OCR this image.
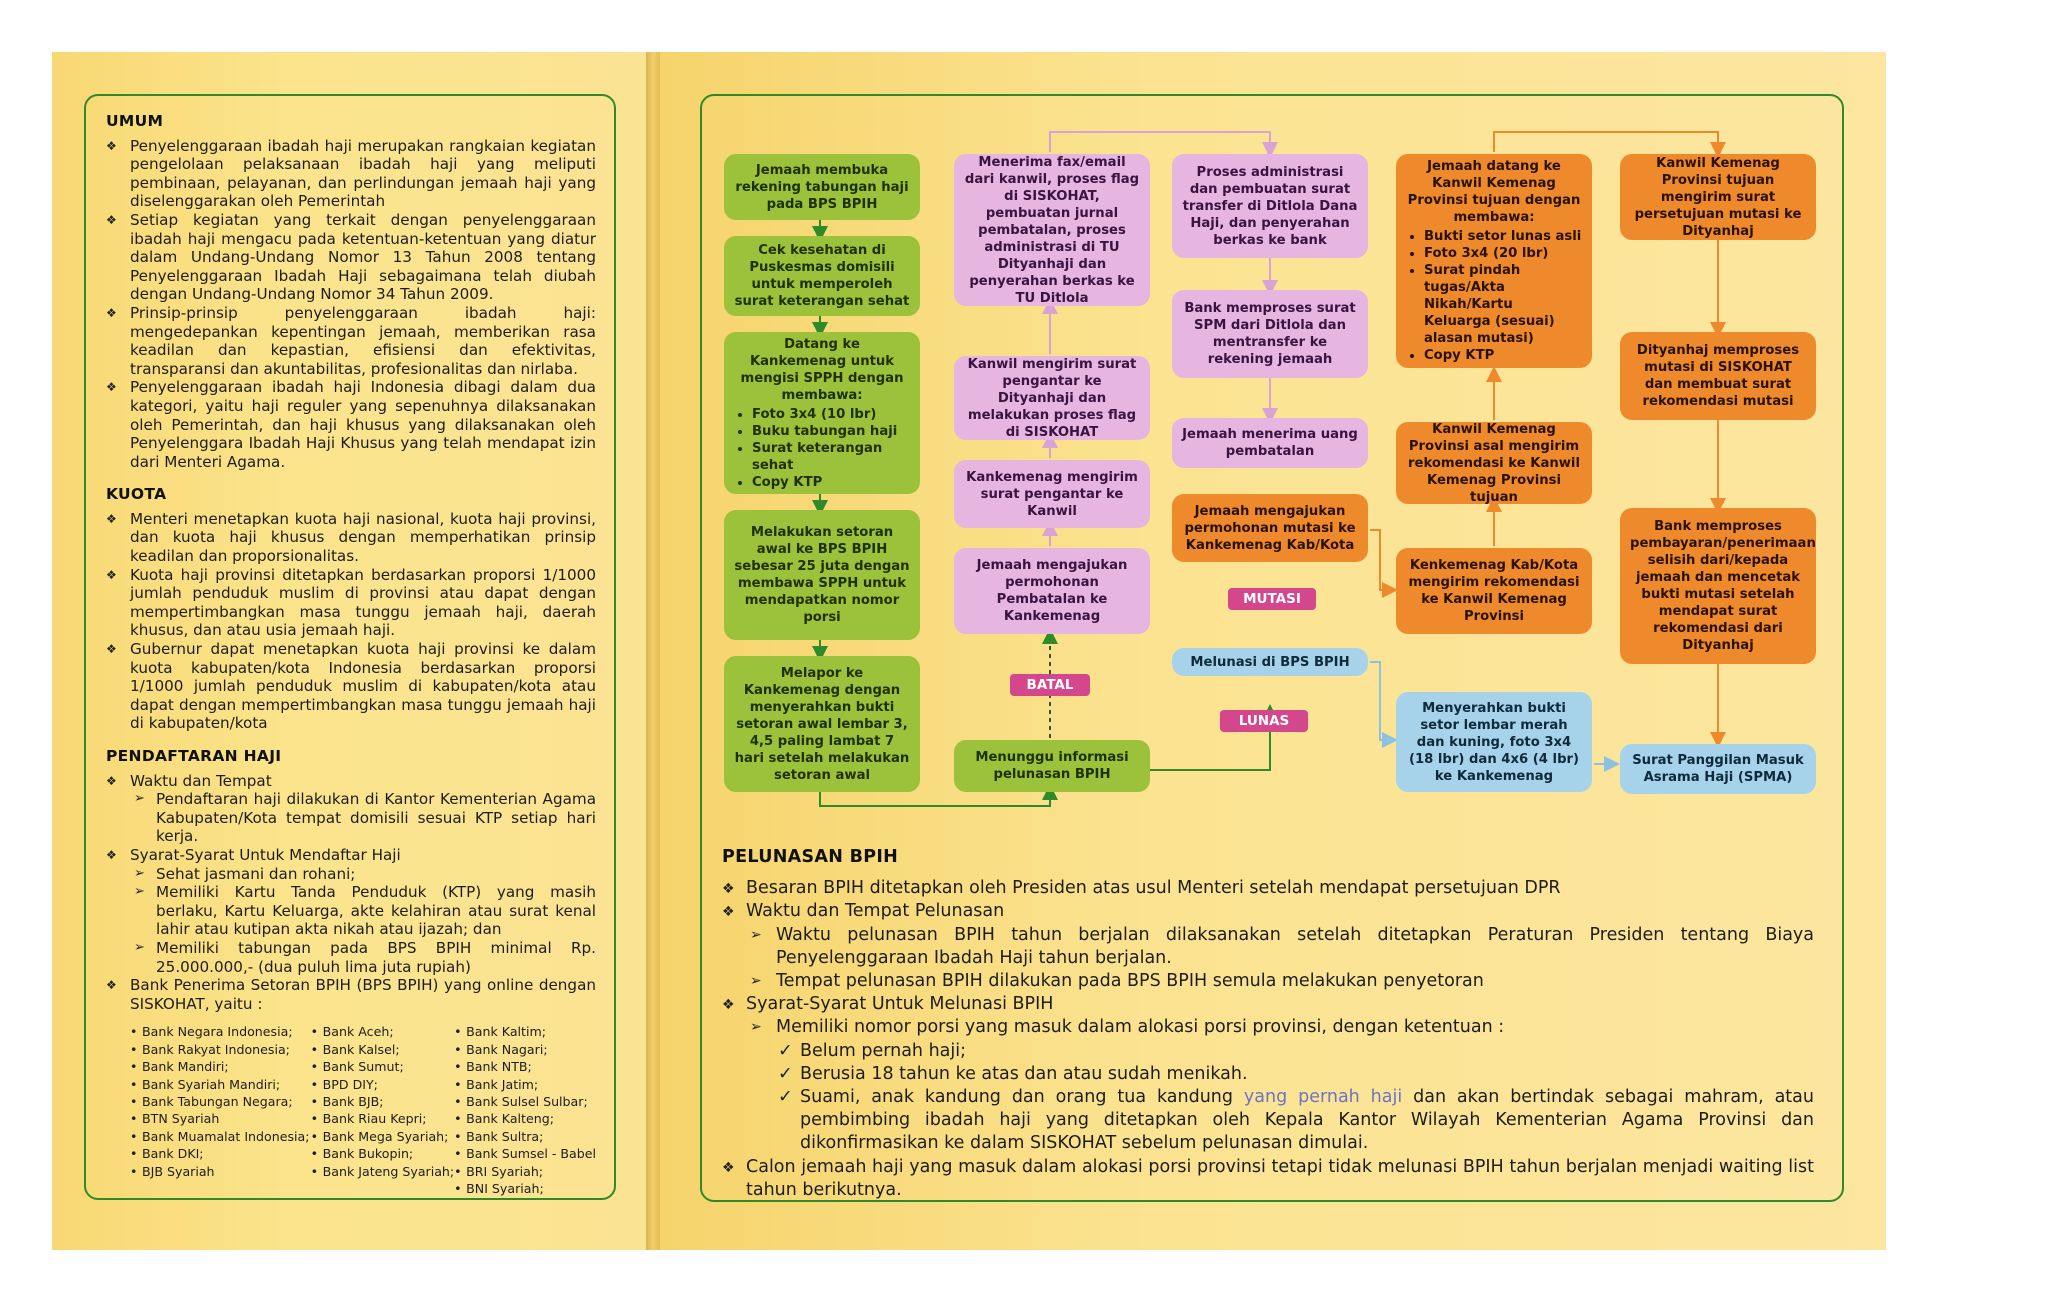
UMUM
❖ Penyelenggaraan ibadah haji merupakan rangkaian kegiatan pengelolaan pelaksanaan ibadah haji yang meliputi pembinaan, pelayanan, dan perlindungan jemaah haji yang diselenggarakan oleh Pemerintah
❖ Setiap kegiatan yang terkait dengan penyelenggaraan ibadah haji mengacu pada ketentuan-ketentuan yang diatur dalam Undang-Undang Nomor 13 Tahun 2008 tentang Penyelenggaraan Ibadah Haji sebagaimana telah diubah dengan Undang-Undang Nomor 34 Tahun 2009.
❖ Prinsip-prinsip penyelenggaraan ibadah haji: mengedepankan kepentingan jemaah, memberikan rasa keadilan dan kepastian, efisiensi dan efektivitas, transparansi dan akuntabilitas, profesionalitas dan nirlaba.
❖ Penyelenggaraan ibadah haji Indonesia dibagi dalam dua kategori, yaitu haji reguler yang sepenuhnya dilaksanakan oleh Pemerintah, dan haji khusus yang dilaksanakan oleh Penyelenggara Ibadah Haji Khusus yang telah mendapat izin dari Menteri Agama.
KUOTA
❖ Menteri menetapkan kuota haji nasional, kuota haji provinsi, dan kuota haji khusus dengan memperhatikan prinsip keadilan dan proporsionalitas.
❖ Kuota haji provinsi ditetapkan berdasarkan proporsi 1/1000 jumlah penduduk muslim di provinsi atau dapat dengan mempertimbangkan masa tunggu jemaah haji, daerah khusus, dan atau usia jemaah haji.
❖ Gubernur dapat menetapkan kuota haji provinsi ke dalam kuota kabupaten/kota Indonesia berdasarkan proporsi 1/1000 jumlah penduduk muslim di kabupaten/kota atau dapat dengan mempertimbangkan masa tunggu jemaah haji di kabupaten/kota
PENDAFTARAN HAJI
❖ Waktu dan Tempat
➢ Pendaftaran haji dilakukan di Kantor Kementerian Agama Kabupaten/Kota tempat domisili sesuai KTP setiap hari kerja.
❖ Syarat-Syarat Untuk Mendaftar Haji
➢ Sehat jasmani dan rohani;
➢ Memiliki Kartu Tanda Penduduk (KTP) yang masih berlaku, Kartu Keluarga, akte kelahiran atau surat kenal lahir atau kutipan akta nikah atau ijazah; dan
➢ Memiliki tabungan pada BPS BPIH minimal Rp. 25.000.000,- (dua puluh lima juta rupiah)
❖ Bank Penerima Setoran BPIH (BPS BPIH) yang online dengan SISKOHAT, yaitu :
• Bank Negara Indonesia;
• Bank Rakyat Indonesia;
• Bank Mandiri;
• Bank Syariah Mandiri;
• Bank Tabungan Negara;
• BTN Syariah
• Bank Muamalat Indonesia;
• Bank DKI;
• BJB Syariah
• Bank Aceh;
• Bank Kalsel;
• Bank Sumut;
• BPD DIY;
• Bank BJB;
• Bank Riau Kepri;
• Bank Mega Syariah;
• Bank Bukopin;
• Bank Jateng Syariah;
• Bank Kaltim;
• Bank Nagari;
• Bank NTB;
• Bank Jatim;
• Bank Sulsel Sulbar;
• Bank Kalteng;
• Bank Sultra;
• Bank Sumsel - Babel
• BRI Syariah;
• BNI Syariah;
Jemaah membuka rekening tabungan haji pada BPS BPIH
Cek kesehatan di Puskesmas domisili untuk memperoleh surat keterangan sehat
Datang ke Kankemenag untuk mengisi SPPH dengan membawa:
• Foto 3x4 (10 lbr)
• Buku tabungan haji
• Surat keterangan sehat
• Copy KTP
Melakukan setoran awal ke BPS BPIH sebesar 25 juta dengan membawa SPPH untuk mendapatkan nomor porsi
Melapor ke Kankemenag dengan menyerahkan bukti setoran awal lembar 3, 4,5 paling lambat 7 hari setelah melakukan setoran awal
Menunggu informasi pelunasan BPIH
Menerima fax/email dari kanwil, proses flag di SISKOHAT, pembuatan jurnal pembatalan, proses administrasi di TU Dityanhaji dan penyerahan berkas ke TU Ditlola
Kanwil mengirim surat pengantar ke Dityanhaji dan melakukan proses flag di SISKOHAT
Kankemenag mengirim surat pengantar ke Kanwil
Jemaah mengajukan permohonan Pembatalan ke Kankemenag
Proses administrasi dan pembuatan surat transfer di Ditlola Dana Haji, dan penyerahan berkas ke bank
Bank memproses surat SPM dari Ditlola dan mentransfer ke rekening jemaah
Jemaah menerima uang pembatalan
Jemaah mengajukan permohonan mutasi ke Kankemenag Kab/Kota
Jemaah datang ke Kanwil Kemenag Provinsi tujuan dengan membawa:
• Bukti setor lunas asli
• Foto 3x4 (20 lbr)
• Surat pindah tugas/Akta Nikah/Kartu Keluarga (sesuai) alasan mutasi)
• Copy KTP
Kanwil Kemenag Provinsi asal mengirim rekomendasi ke Kanwil Kemenag Provinsi tujuan
Kenkemenag Kab/Kota mengirim rekomendasi ke Kanwil Kemenag Provinsi
Kanwil Kemenag Provinsi tujuan mengirim surat persetujuan mutasi ke Dityanhaj
Dityanhaj memproses mutasi di SISKOHAT dan membuat surat rekomendasi mutasi
Bank memproses pembayaran/penerimaan selisih dari/kepada jemaah dan mencetak bukti mutasi setelah mendapat surat rekomendasi dari Dityanhaj
Melunasi di BPS BPIH
Menyerahkan bukti setor lembar merah dan kuning, foto 3x4 (18 lbr) dan 4x6 (4 lbr) ke Kankemenag
Surat Panggilan Masuk Asrama Haji (SPMA)
BATAL
MUTASI
LUNAS
PELUNASAN BPIH
❖ Besaran BPIH ditetapkan oleh Presiden atas usul Menteri setelah mendapat persetujuan DPR
❖ Waktu dan Tempat Pelunasan
➢ Waktu pelunasan BPIH tahun berjalan dilaksanakan setelah ditetapkan Peraturan Presiden tentang Biaya Penyelenggaraan Ibadah Haji tahun berjalan.
➢ Tempat pelunasan BPIH dilakukan pada BPS BPIH semula melakukan penyetoran
❖ Syarat-Syarat Untuk Melunasi BPIH
➢ Memiliki nomor porsi yang masuk dalam alokasi porsi provinsi, dengan ketentuan :
✓ Belum pernah haji;
✓ Berusia 18 tahun ke atas dan atau sudah menikah.
✓ Suami, anak kandung dan orang tua kandung yang pernah haji dan akan bertindak sebagai mahram, atau pembimbing ibadah haji yang ditetapkan oleh Kepala Kantor Wilayah Kementerian Agama Provinsi dan dikonfirmasikan ke dalam SISKOHAT sebelum pelunasan dimulai.
❖ Calon jemaah haji yang masuk dalam alokasi porsi provinsi tetapi tidak melunasi BPIH tahun berjalan menjadi waiting list tahun berikutnya.
